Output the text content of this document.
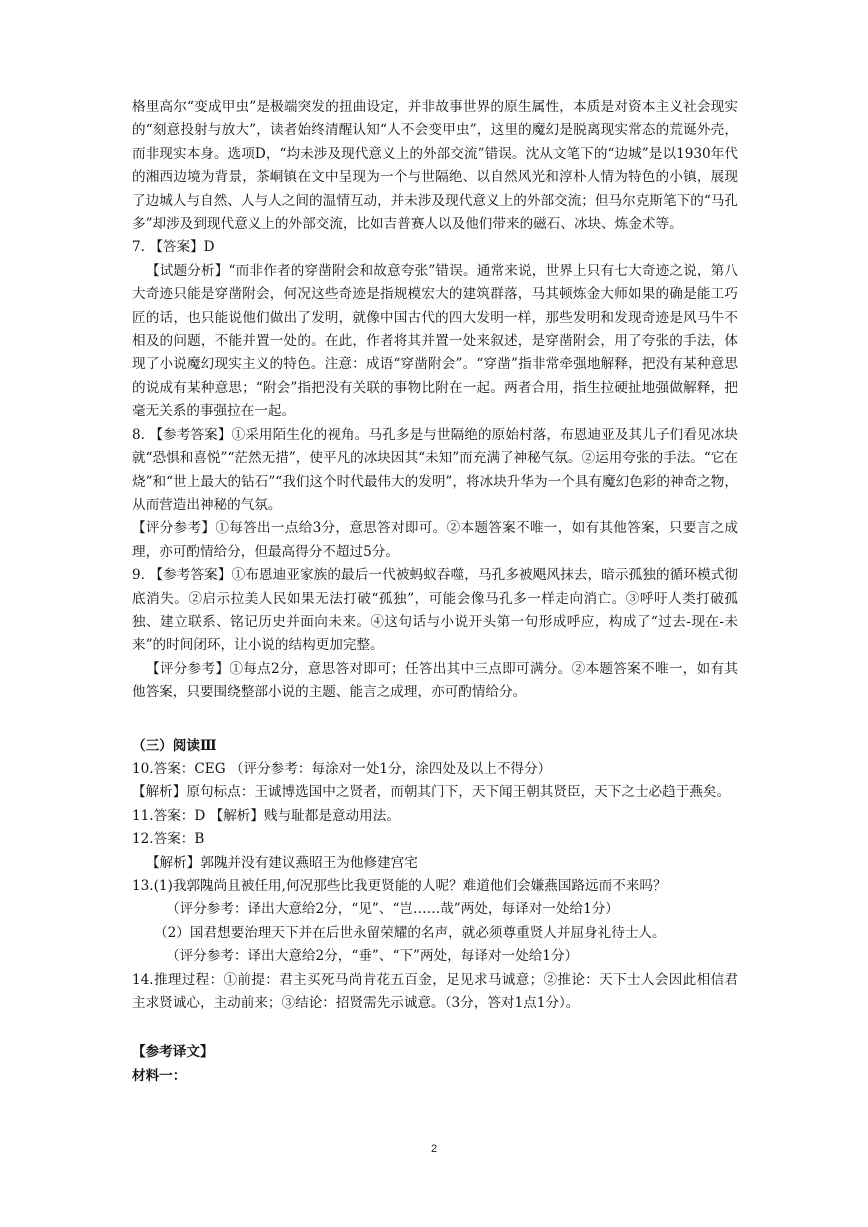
格里高尔“变成甲虫”是极端突发的扭曲设定，并非故事世界的原生属性，本质是对资本主义社会现实的“刻意投射与放大”，读者始终清醒认知“人不会变甲虫”，这里的魔幻是脱离现实常态的荒诞外壳，而非现实本身。选项D，“均未涉及现代意义上的外部交流”错误。沈从文笔下的“边城”是以1930年代的湘西边境为背景，茶峒镇在文中呈现为一个与世隔绝、以自然风光和淳朴人情为特色的小镇，展现了边城人与自然、人与人之间的温情互动，并未涉及现代意义上的外部交流；但马尔克斯笔下的“马孔多”却涉及到现代意义上的外部交流，比如吉普赛人以及他们带来的磁石、冰块、炼金术等。

7. 【答案】D

【试题分析】“而非作者的穿凿附会和故意夸张”错误。通常来说，世界上只有七大奇迹之说，第八大奇迹只能是穿凿附会，何况这些奇迹是指规模宏大的建筑群落，马其顿炼金大师如果的确是能工巧匠的话，也只能说他们做出了发明，就像中国古代的四大发明一样，那些发明和发现奇迹是风马牛不相及的问题，不能并置一处的。在此，作者将其并置一处来叙述，是穿凿附会，用了夸张的手法，体现了小说魔幻现实主义的特色。注意：成语“穿凿附会”。“穿凿”指非常牵强地解释，把没有某种意思的说成有某种意思；“附会”指把没有关联的事物比附在一起。两者合用，指生拉硬扯地强做解释，把毫无关系的事强拉在一起。

8. 【参考答案】①采用陌生化的视角。马孔多是与世隔绝的原始村落，布恩迪亚及其儿子们看见冰块就“恐惧和喜悦”“茫然无措”，使平凡的冰块因其“未知”而充满了神秘气氛。②运用夸张的手法。“它在烧”和“世上最大的钻石”“我们这个时代最伟大的发明”，将冰块升华为一个具有魔幻色彩的神奇之物，从而营造出神秘的气氛。

【评分参考】①每答出一点给3分，意思答对即可。②本题答案不唯一，如有其他答案，只要言之成理，亦可酌情给分，但最高得分不超过5分。

9. 【参考答案】①布恩迪亚家族的最后一代被蚂蚁吞噬，马孔多被飓风抹去，暗示孤独的循环模式彻底消失。②启示拉美人民如果无法打破“孤独”，可能会像马孔多一样走向消亡。③呼吁人类打破孤独、建立联系、铭记历史并面向未来。④这句话与小说开头第一句形成呼应，构成了“过去-现在-未来”的时间闭环，让小说的结构更加完整。

【评分参考】①每点2分，意思答对即可；任答出其中三点即可满分。②本题答案不唯一，如有其他答案，只要围绕整部小说的主题、能言之成理，亦可酌情给分。

（三）阅读Ⅲ

10.答案：CEG （评分参考：每涂对一处1分，涂四处及以上不得分）

【解析】原句标点：王诚博选国中之贤者，而朝其门下，天下闻王朝其贤臣，天下之士必趋于燕矣。

11.答案：D 【解析】贱与耻都是意动用法。

12.答案：B

【解析】郭隗并没有建议燕昭王为他修建宫宅

13.(1)我郭隗尚且被任用,何况那些比我更贤能的人呢？难道他们会嫌燕国路远而不来吗？

（评分参考：译出大意给2分，“见”、“岂……哉”两处，每译对一处给1分）

（2）国君想要治理天下并在后世永留荣耀的名声，就必须尊重贤人并屈身礼待士人。

（评分参考：译出大意给2分，“垂”、“下”两处，每译对一处给1分）

14.推理过程：①前提：君主买死马尚肯花五百金，足见求马诚意；②推论：天下士人会因此相信君主求贤诚心，主动前来；③结论：招贤需先示诚意。（3分，答对1点1分）。

【参考译文】

材料一：

2
